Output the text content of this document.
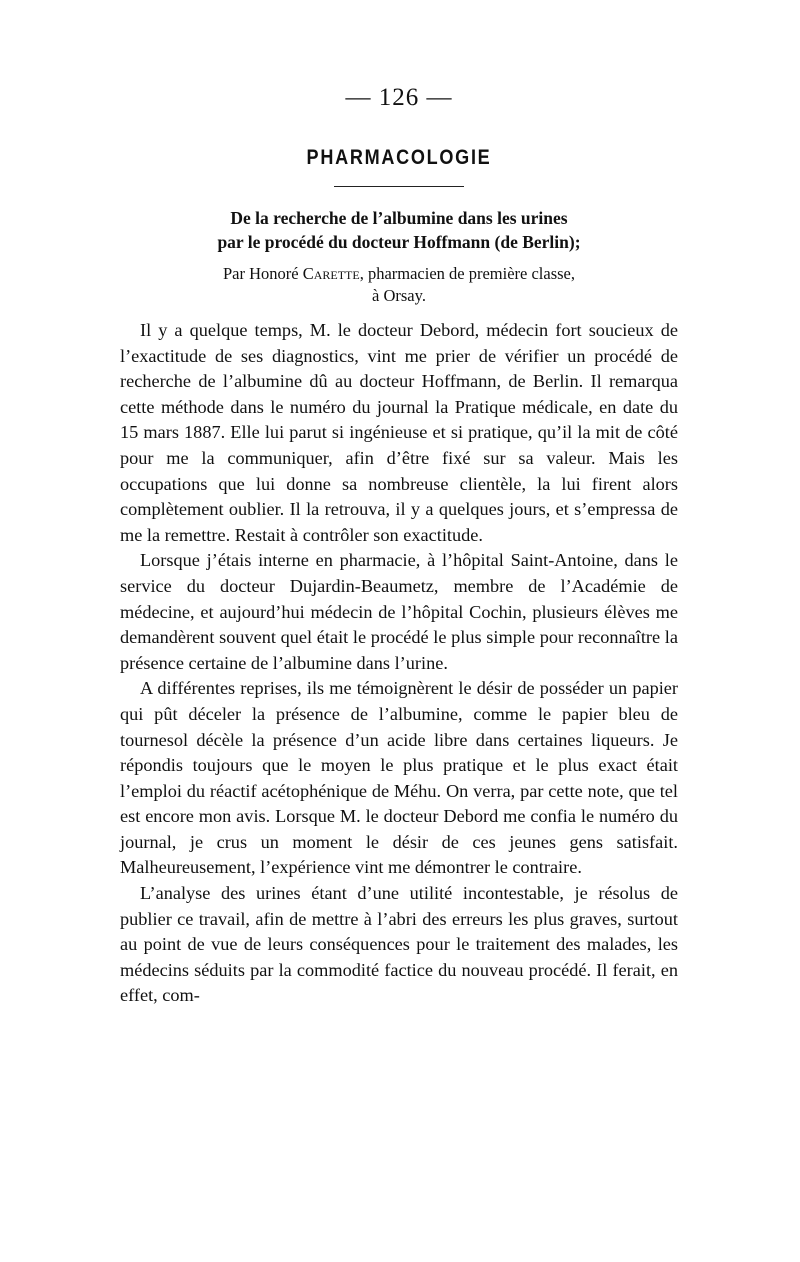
— 126 —
PHARMACOLOGIE
De la recherche de l’albumine dans les urines
par le procédé du docteur Hoffmann (de Berlin);
Par Honoré Carette, pharmacien de première classe,
à Orsay.

Il y a quelque temps, M. le docteur Debord, médecin fort soucieux de l’exactitude de ses diagnostics, vint me prier de vérifier un procédé de recherche de l’albumine dû au docteur Hoffmann, de Berlin. Il remarqua cette méthode dans le numéro du journal la Pratique médicale, en date du 15 mars 1887. Elle lui parut si ingénieuse et si pratique, qu’il la mit de côté pour me la communiquer, afin d’être fixé sur sa valeur. Mais les occupations que lui donne sa nombreuse clientèle, la lui firent alors complètement oublier. Il la retrouva, il y a quelques jours, et s’empressa de me la remettre. Restait à contrôler son exactitude.

Lorsque j’étais interne en pharmacie, à l’hôpital Saint-Antoine, dans le service du docteur Dujardin-Beaumetz, membre de l’Académie de médecine, et aujourd’hui médecin de l’hôpital Cochin, plusieurs élèves me demandèrent souvent quel était le procédé le plus simple pour reconnaître la présence certaine de l’albumine dans l’urine.

A différentes reprises, ils me témoignèrent le désir de posséder un papier qui pût déceler la présence de l’albumine, comme le papier bleu de tournesol décèle la présence d’un acide libre dans certaines liqueurs. Je répondis toujours que le moyen le plus pratique et le plus exact était l’emploi du réactif acétophénique de Méhu. On verra, par cette note, que tel est encore mon avis. Lorsque M. le docteur Debord me confia le numéro du journal, je crus un moment le désir de ces jeunes gens satisfait. Malheureusement, l’expérience vint me démontrer le contraire.

L’analyse des urines étant d’une utilité incontestable, je résolus de publier ce travail, afin de mettre à l’abri des erreurs les plus graves, surtout au point de vue de leurs conséquences pour le traitement des malades, les médecins séduits par la commodité factice du nouveau procédé. Il ferait, en effet, com-
